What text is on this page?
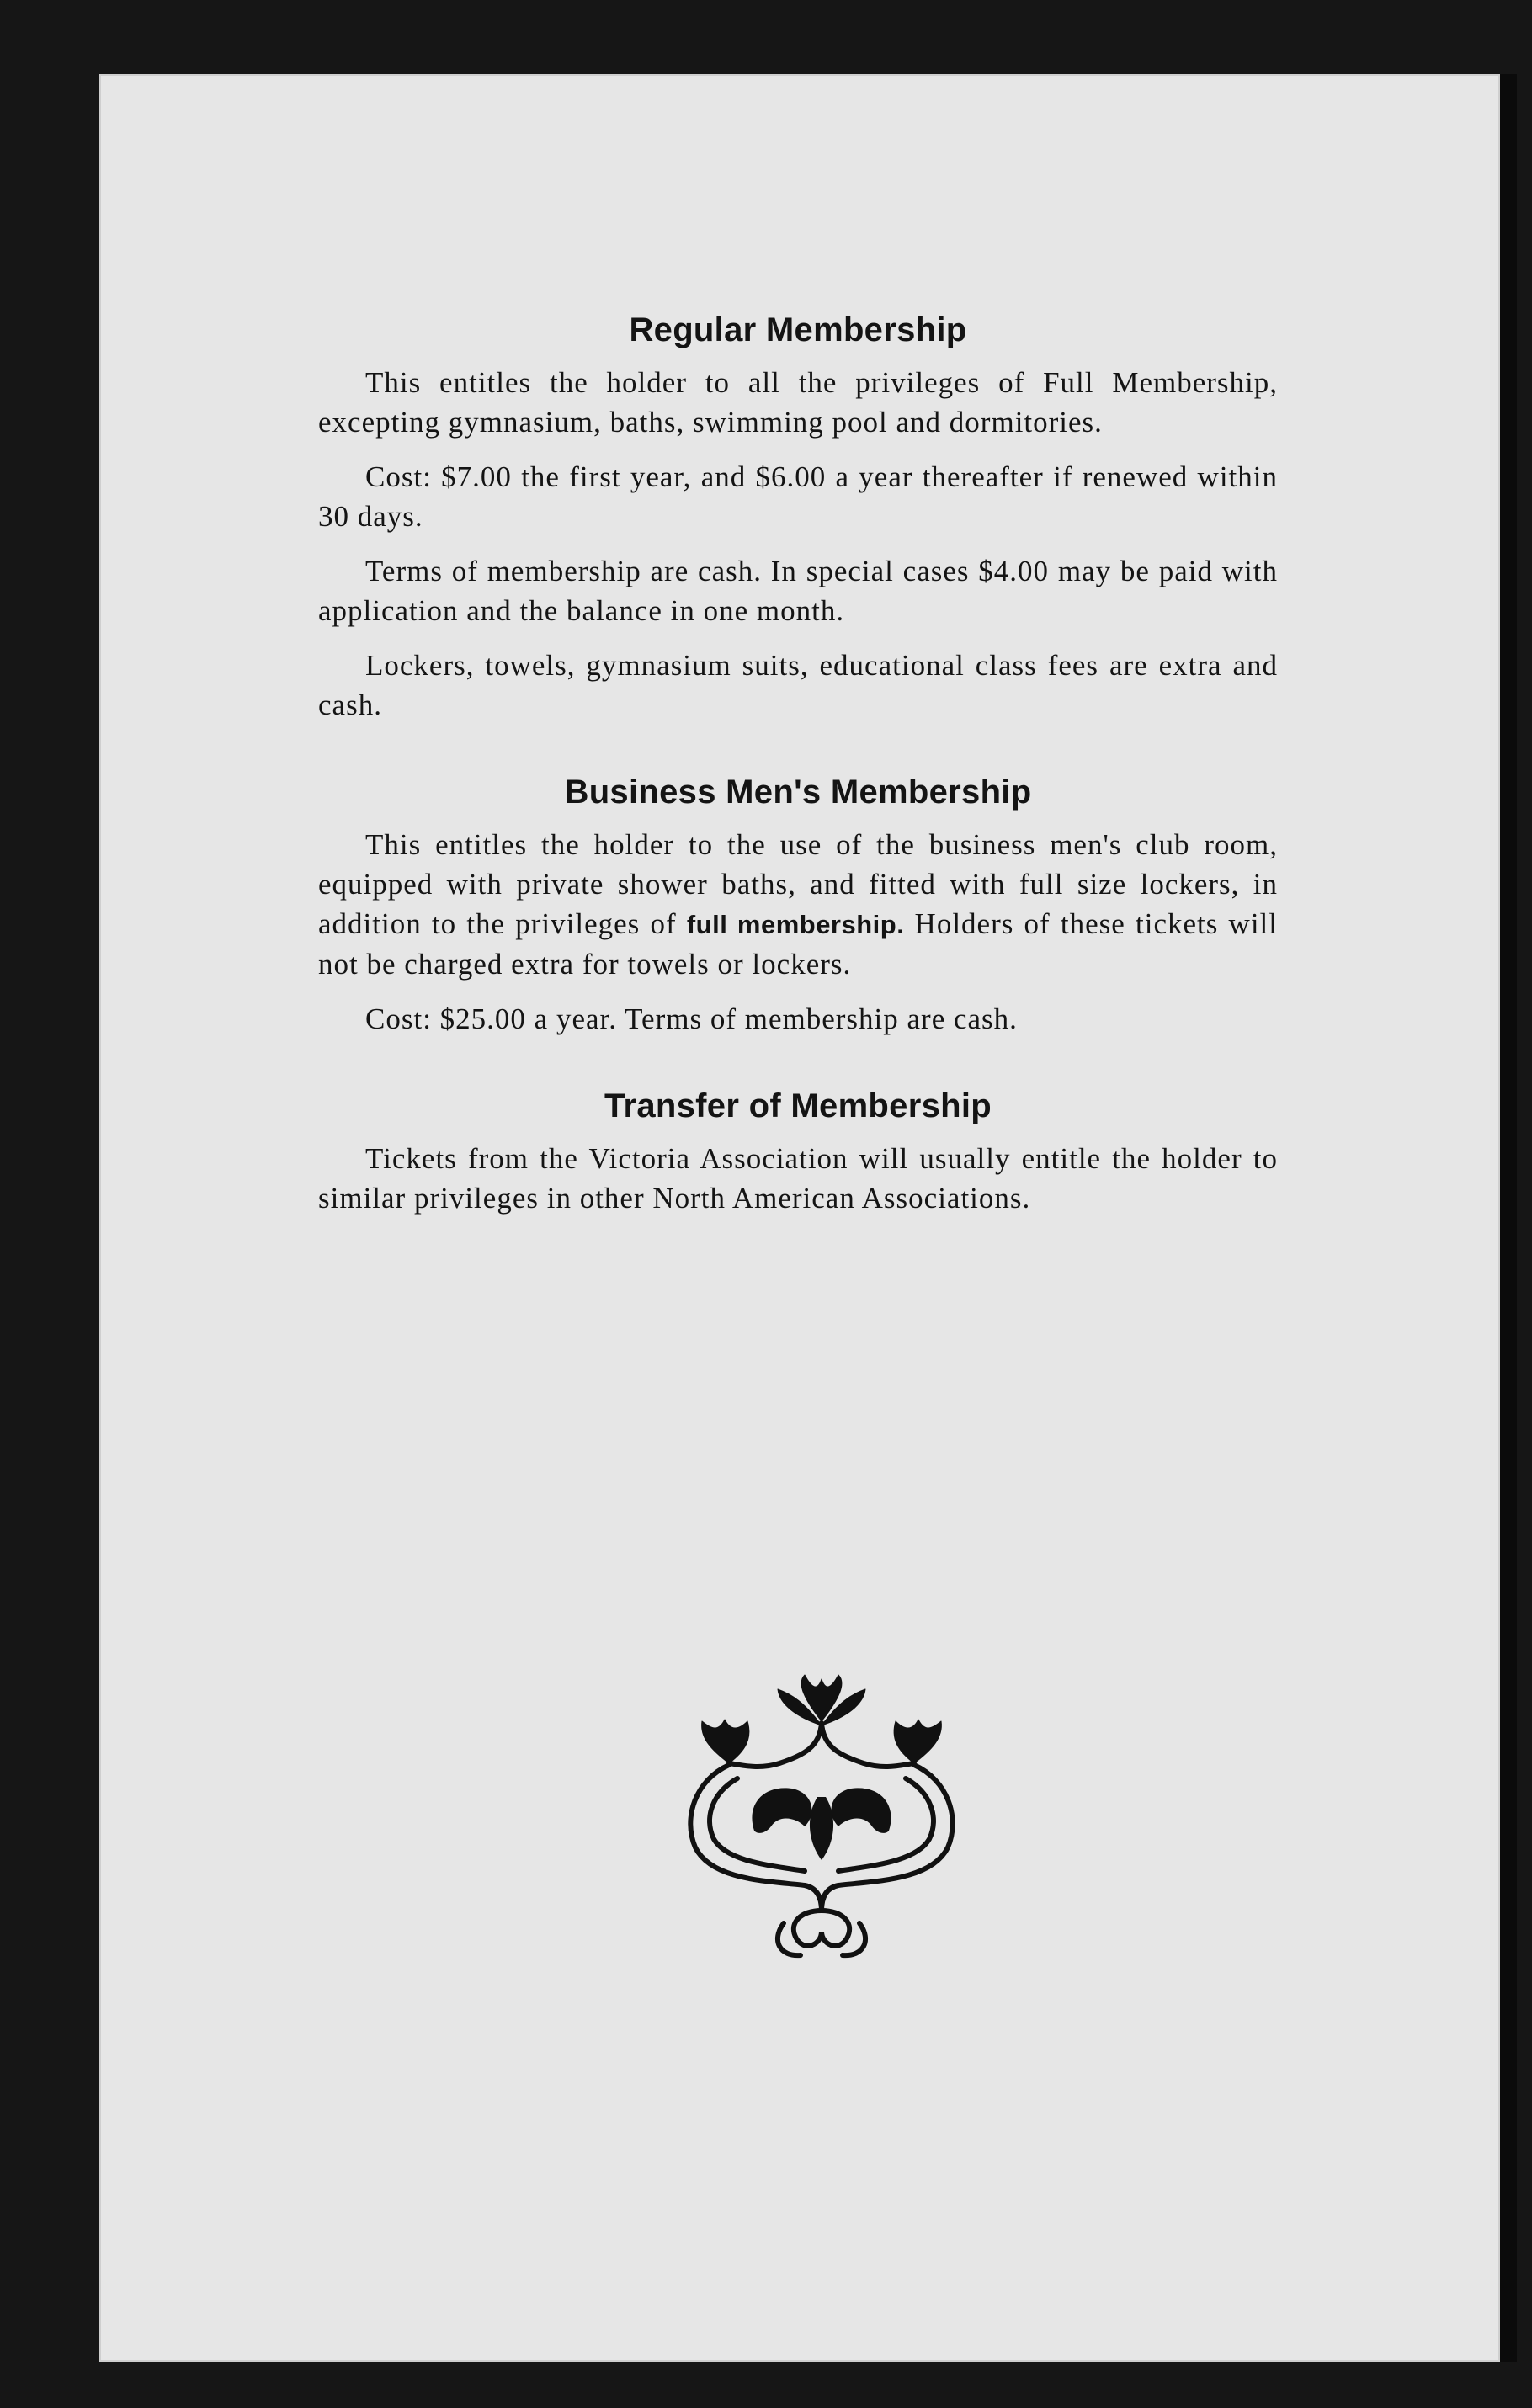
Regular Membership

This entitles the holder to all the privileges of Full Membership, excepting gymnasium, baths, swimming pool and dormitories.

Cost: $7.00 the first year, and $6.00 a year thereafter if renewed within 30 days.

Terms of membership are cash. In special cases $4.00 may be paid with application and the balance in one month.

Lockers, towels, gymnasium suits, educational class fees are extra and cash.

Business Men's Membership

This entitles the holder to the use of the business men's club room, equipped with private shower baths, and fitted with full size lockers, in addition to the privileges of full membership. Holders of these tickets will not be charged extra for towels or lockers.

Cost: $25.00 a year. Terms of membership are cash.

Transfer of Membership

Tickets from the Victoria Association will usually entitle the holder to similar privileges in other North American Associations.
